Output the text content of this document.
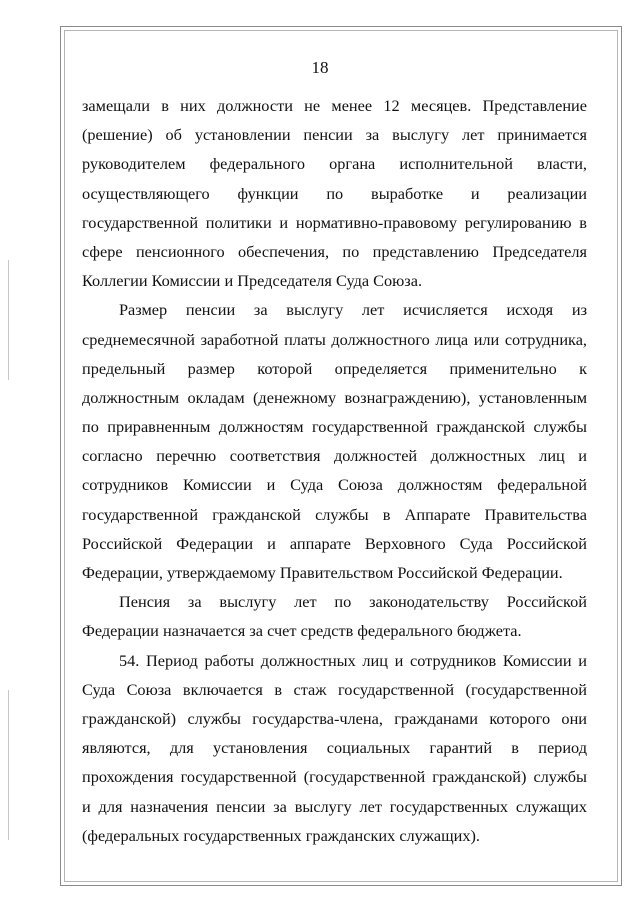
18
замещали в них должности не менее 12 месяцев. Представление
(решение) об установлении пенсии за выслугу лет принимается
руководителем федерального органа исполнительной власти,
осуществляющего функции по выработке и реализации
государственной политики и нормативно-правовому регулированию в
сфере пенсионного обеспечения, по представлению Председателя
Коллегии Комиссии и Председателя Суда Союза.
Размер пенсии за выслугу лет исчисляется исходя из
среднемесячной заработной платы должностного лица или сотрудника,
предельный размер которой определяется применительно к
должностным окладам (денежному вознаграждению), установленным
по приравненным должностям государственной гражданской службы
согласно перечню соответствия должностей должностных лиц и
сотрудников Комиссии и Суда Союза должностям федеральной
государственной гражданской службы в Аппарате Правительства
Российской Федерации и аппарате Верховного Суда Российской
Федерации, утверждаемому Правительством Российской Федерации.
Пенсия за выслугу лет по законодательству Российской
Федерации назначается за счет средств федерального бюджета.
54. Период работы должностных лиц и сотрудников Комиссии и
Суда Союза включается в стаж государственной (государственной
гражданской) службы государства-члена, гражданами которого они
являются, для установления социальных гарантий в период
прохождения государственной (государственной гражданской) службы
и для назначения пенсии за выслугу лет государственных служащих
(федеральных государственных гражданских служащих).
